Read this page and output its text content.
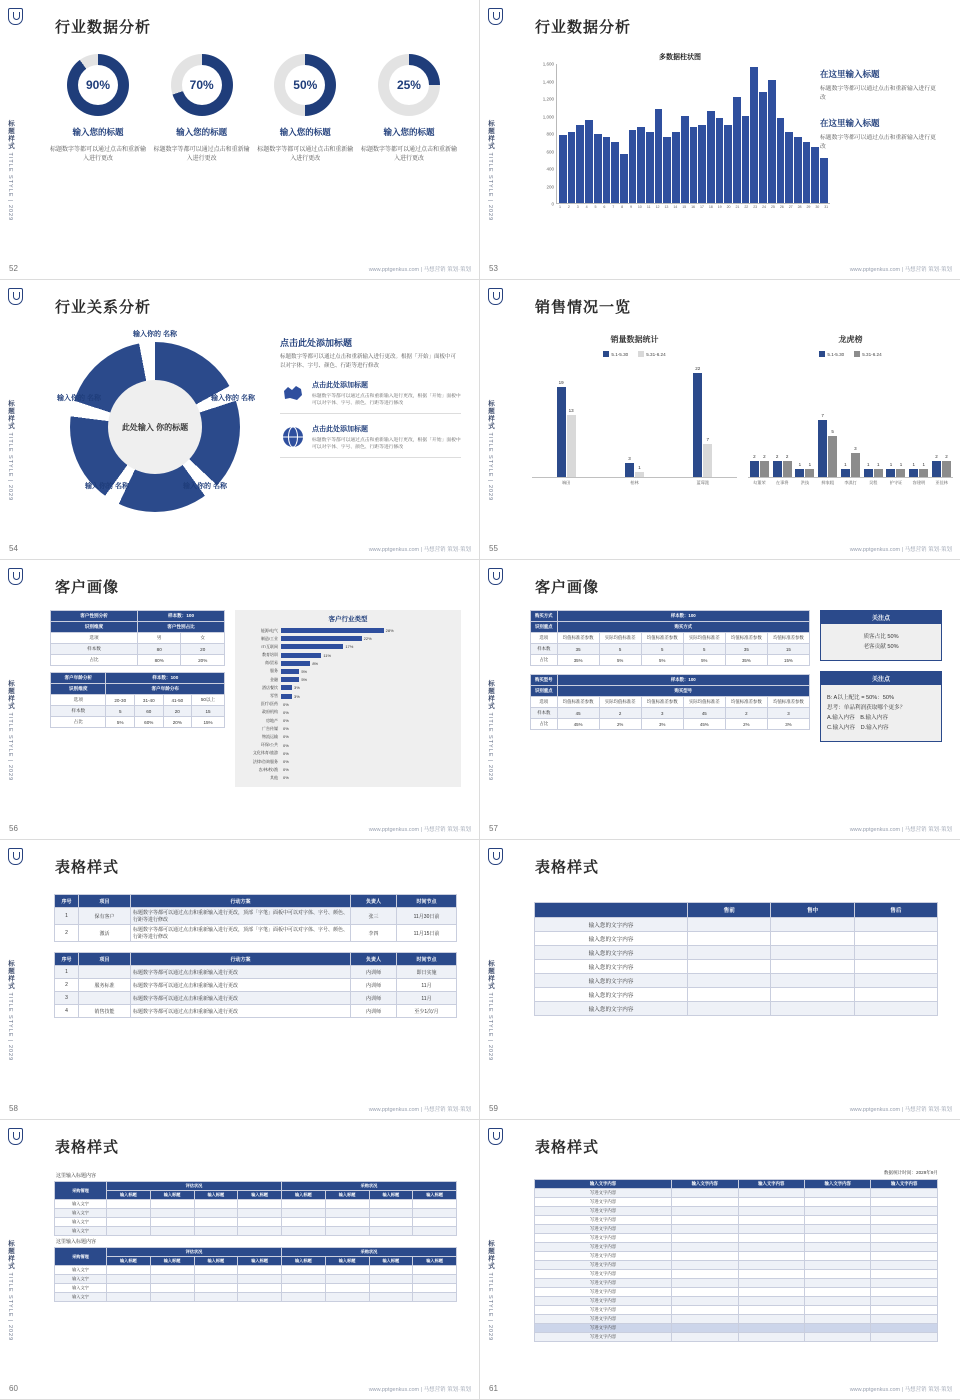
标题样式 TITLE STYLE | 2029
52
行业数据分析
90%
输入您的标题
标题数字等都可以通过点击和重新输入进行更改
70%
输入您的标题
标题数字等都可以通过点击和重新输入进行更改
50%
输入您的标题
标题数字等都可以通过点击和重新输入进行更改
25%
输入您的标题
标题数字等都可以通过点击和重新输入进行更改
www.pptgenkus.com | 马想营销 策划·策划
标题样式 TITLE STYLE | 2029
53
行业数据分析
多数据柱状图
0
200
400
600
800
1,000
1,200
1,400
1,600
1	2	3	4	5	6	7	8	9	10	11	12	13	14	15	16	17	18	19	20	21	22	23	24	25	26	27	28	29	30	31
在这里输入标题
标题数字等都可以通过点击和重新输入进行更改
在这里输入标题
标题数字等都可以通过点击和重新输入进行更改
www.pptgenkus.com | 马想营销 策划·策划
标题样式 TITLE STYLE | 2029
54
行业关系分析
此处输入 你的标题
输入你的 名称
输入你的 名称
输入你的 名称
输入你的 名称
输入你的 名称
点击此处添加标题
标题数字等都可以通过点击和重新输入进行更改。根据「开始」面板中可以对字体、字号、颜色、行距等进行修改
点击此处添加标题
标题数字等都可以通过点击和重新输入进行更改，根据「开始」面板中可以对字体、字号、颜色、行距等进行修改
点击此处添加标题
标题数字等都可以通过点击和重新输入进行更改，根据「开始」面板中可以对字体、字号、颜色、行距等进行修改
www.pptgenkus.com | 马想营销 策划·策划
标题样式 TITLE STYLE | 2029
55
销售情况一览
销量数据统计
5.1-5.30	5.31-6.24
19
13
3
1
22
7
端田	柏林	蓝莓派
龙虎榜
5.1-5.30	5.31-6.24
2	2	2	2
1	1
7
5
1
3
1	1	1	1	1	1
2	2
勾董荣	在事将	洪技	鲜家粗	李淇打	吴程	护守证	容建明	亚佳林
www.pptgenkus.com | 马想营销 策划·策划
标题样式 TITLE STYLE | 2029
56
客户画像
客户性别分析	样本数：100	
识别维度	客户性别占比	
选项	男	女
样本数	80	20
占比	80%	20%
客户年龄分析	样本数：100			
识别维度	客户年龄分布			
选项	20-30	31-40	41-50	50以上
样本数	5	60	20	15
占比	5%	60%	20%	15%
客户行业类型
能源/电气	28%
制造/工业	22%
IT/互联网	17%
教育培训	11%
商/贸易	8%
服务	5%
金融	5%
酒店餐饮	3%
零售	3%
医疗/医药	0%
政府机构	0%
房地产	0%
广告传媒	0%
物流运输	0%
环保/公共	0%
文化体育/旅游	0%
法律/咨询服务	0%
农/林/牧/渔	0%
其他	0%
www.pptgenkus.com | 马想营销 策划·策划
标题样式 TITLE STYLE | 2029
57
客户画像
购买方式	样本数：100					
识别重点	购买方式					
选项	均值标准差参数	实际均值标准差	均值标准差参数	实际均值标准差	均值标准差参数	均值标准差参数
样本数	35	5	5	5	35	15
占比	35%	5%	5%	5%	35%	15%
购买型号	样本数：100					
识别重点	购买型号					
选项	均值标准差参数	实际均值标准差	均值标准差参数	实际均值标准差	均值标准差参数	均值标准差参数
样本数	45	2	3	45	2	3
占比	45%	2%	3%	45%	2%	3%
关注点
质客占比 50%
老客贡献 50%
关注点
B: A以上配比 = 50%：50%
思考：单品利润获取哪个更多？
A.输入内容　B.输入内容
C.输入内容　D.输入内容
www.pptgenkus.com | 马想营销 策划·策划
标题样式 TITLE STYLE | 2029
58
表格样式
序号	项目	行动方案	负责人	时间节点
1	保有客户	标题数字等都可以通过点击和重新输入进行更改，顶部「字笔」面板中可以对字体、字号、颜色、行距等进行修改	张三	11月30日前
2	激活	标题数字等都可以通过点击和重新输入进行更改，顶部「字笔」面板中可以对字体、字号、颜色、行距等进行修改	李四	11月15日前
序号	项目	行动方案	负责人	时间节点
1		标题数字等都可以通过点击和重新输入进行更改	内训师	即日实施
2	服务标准	标题数字等都可以通过点击和重新输入进行更改	内训师	11月
3		标题数字等都可以通过点击和重新输入进行更改	内训师	11月
4	销售技能	标题数字等都可以通过点击和重新输入进行更改	内训师	至少1次/月
www.pptgenkus.com | 马想营销 策划·策划
标题样式 TITLE STYLE | 2029
59
表格样式
	售前	售中	售后
输入您的文字内容			
输入您的文字内容			
输入您的文字内容			
输入您的文字内容			
输入您的文字内容			
输入您的文字内容			
输入您的文字内容			
www.pptgenkus.com | 马想营销 策划·策划
标题样式 TITLE STYLE | 2029
60
表格样式
这里输入标题内容
采购管理	评估状况				采购状况			
	输入标题	输入标题	输入标题	输入标题	输入标题	输入标题	输入标题	输入标题
输入文字								
输入文字								
输入文字								
输入文字								
这里输入标题内容
采购管理	评估状况				采购状况			
	输入标题	输入标题	输入标题	输入标题	输入标题	输入标题	输入标题	输入标题
输入文字								
输入文字								
输入文字								
输入文字								
www.pptgenkus.com | 马想营销 策划·策划
标题样式 TITLE STYLE | 2029
61
表格样式
数据统计时间：2029年9月
输入文字内容	输入文字内容	输入文字内容	输入文字内容	输入文字内容
写进文字内容				
写进文字内容				
写进文字内容				
写进文字内容				
写进文字内容				
写进文字内容				
写进文字内容				
写进文字内容				
写进文字内容				
写进文字内容				
写进文字内容				
写进文字内容				
写进文字内容				
写进文字内容				
写进文字内容				
写进文字内容				
写进文字内容				
www.pptgenkus.com | 马想营销 策划·策划
